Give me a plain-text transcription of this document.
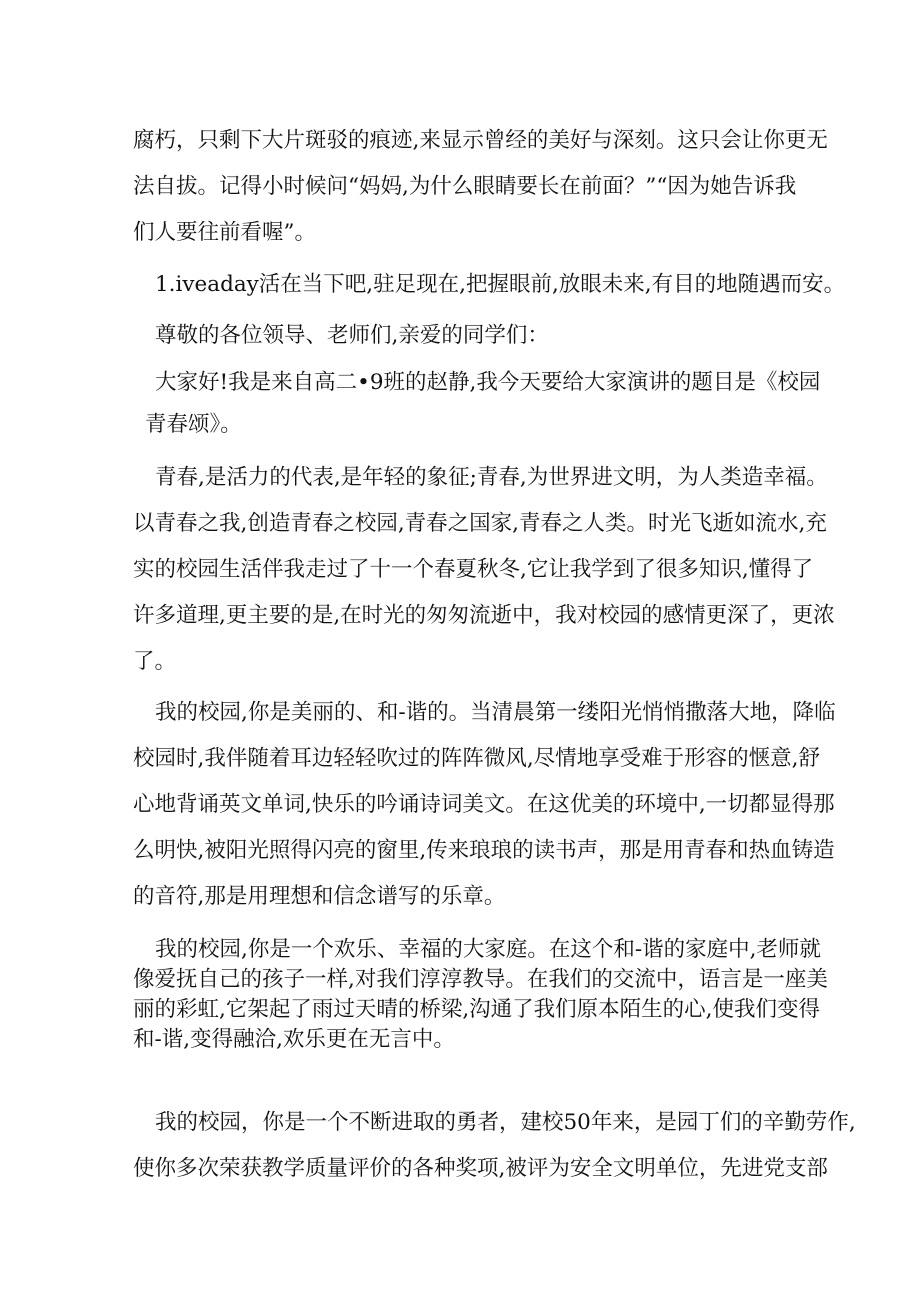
腐朽，只剩下大片斑驳的痕迹,来显示曾经的美好与深刻。这只会让你更无
法自拔。记得小时候问“妈妈,为什么眼睛要长在前面？”“因为她告诉我
们人要往前看喔”。
1.iveaday活在当下吧,驻足现在,把握眼前,放眼未来,有目的地随遇而安。
尊敬的各位领导、老师们,亲爱的同学们：
大家好!我是来自高二•9班的赵静,我今天要给大家演讲的题目是《校园
青春颂》。
青春,是活力的代表,是年轻的象征;青春,为世界进文明，为人类造幸福。
以青春之我,创造青春之校园,青春之国家,青春之人类。时光飞逝如流水,充
实的校园生活伴我走过了十一个春夏秋冬,它让我学到了很多知识,懂得了
许多道理,更主要的是,在时光的匆匆流逝中，我对校园的感情更深了，更浓
了。
我的校园,你是美丽的、和-谐的。当清晨第一缕阳光悄悄撒落大地，降临
校园时,我伴随着耳边轻轻吹过的阵阵微风,尽情地享受难于形容的惬意,舒
心地背诵英文单词,快乐的吟诵诗词美文。在这优美的环境中,一切都显得那
么明快,被阳光照得闪亮的窗里,传来琅琅的读书声，那是用青春和热血铸造
的音符,那是用理想和信念谱写的乐章。
我的校园,你是一个欢乐、幸福的大家庭。在这个和-谐的家庭中,老师就
像爱抚自己的孩子一样,对我们淳淳教导。在我们的交流中，语言是一座美
丽的彩虹,它架起了雨过天晴的桥梁,沟通了我们原本陌生的心,使我们变得
和-谐,变得融洽,欢乐更在无言中。
我的校园，你是一个不断进取的勇者，建校50年来，是园丁们的辛勤劳作,
使你多次荣获教学质量评价的各种奖项,被评为安全文明单位，先进党支部
